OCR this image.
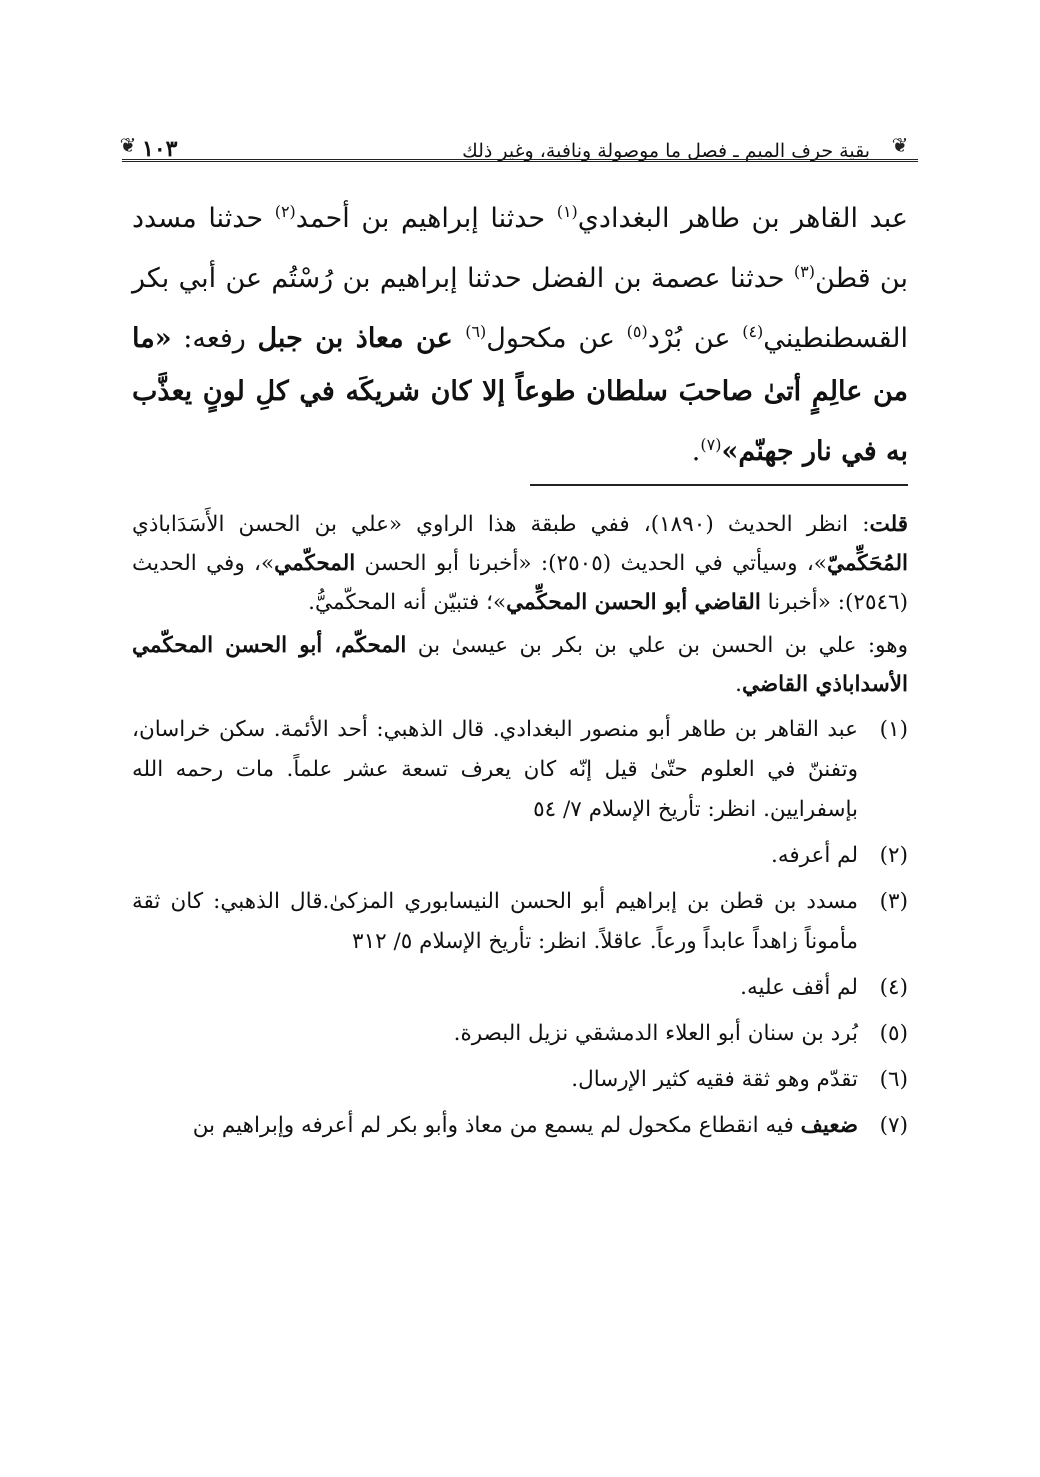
❦
بقية حرف الميم ـ فصل ما موصولة ونافية، وغير ذلك
١٠٣
❦

عبد القاهر بن طاهر البغدادي$^{(١)}$ حدثنا إبراهيم بن أحمد$^{(٢)}$ حدثنا مسدد بن قطن$^{(٣)}$ حدثنا عصمة بن الفضل حدثنا إبراهيم بن رُسْتُم عن أبي بكر القسطنطيني$^{(٤)}$ عن بُرْد$^{(٥)}$ عن مكحول$^{(٦)}$ عن معاذ بن جبل رفعه: «ما من عالِمٍ أتىٰ صاحبَ سلطان طوعاً إلا كان شريكَه في كلِ لونٍ يعذَّب به في نار جهنّم»$^{(٧)}$.

قلت: انظر الحديث (١٨٩٠)، ففي طبقة هذا الراوي «علي بن الحسن الأَسَدَاباذي المُحَكِّميّ»، وسيأتي في الحديث (٢٥٠٥): «أخبرنا أبو الحسن المحكّمي»، وفي الحديث (٢٥٤٦): «أخبرنا القاضي أبو الحسن المحكِّمي»؛ فتبيّن أنه المحكّميُّ.

وهو: علي بن الحسن بن علي بن بكر بن عيسىٰ بن المحكّم، أبو الحسن المحكّمي الأسداباذي القاضي.

(١)
عبد القاهر بن طاهر أبو منصور البغدادي. قال الذهبي: أحد الأئمة. سكن خراسان، وتفننّ في العلوم حتّىٰ قيل إنّه كان يعرف تسعة عشر علماً. مات رحمه الله بإسفرايين. انظر: تأريخ الإسلام ٧/ ٥٤
(٢)
لم أعرفه.
(٣)
مسدد بن قطن بن إبراهيم أبو الحسن النيسابوري المزكىٰ.قال الذهبي: كان ثقة مأموناً زاهداً عابداً ورعاً. عاقلاً. انظر: تأريخ الإسلام ٥/ ٣١٢
(٤)
لم أقف عليه.
(٥)
بُرد بن سنان أبو العلاء الدمشقي نزيل البصرة.
(٦)
تقدّم وهو ثقة فقيه كثير الإرسال.
(٧)
ضعيف فيه انقطاع مكحول لم يسمع من معاذ وأبو بكر لم أعرفه وإبراهيم بن
